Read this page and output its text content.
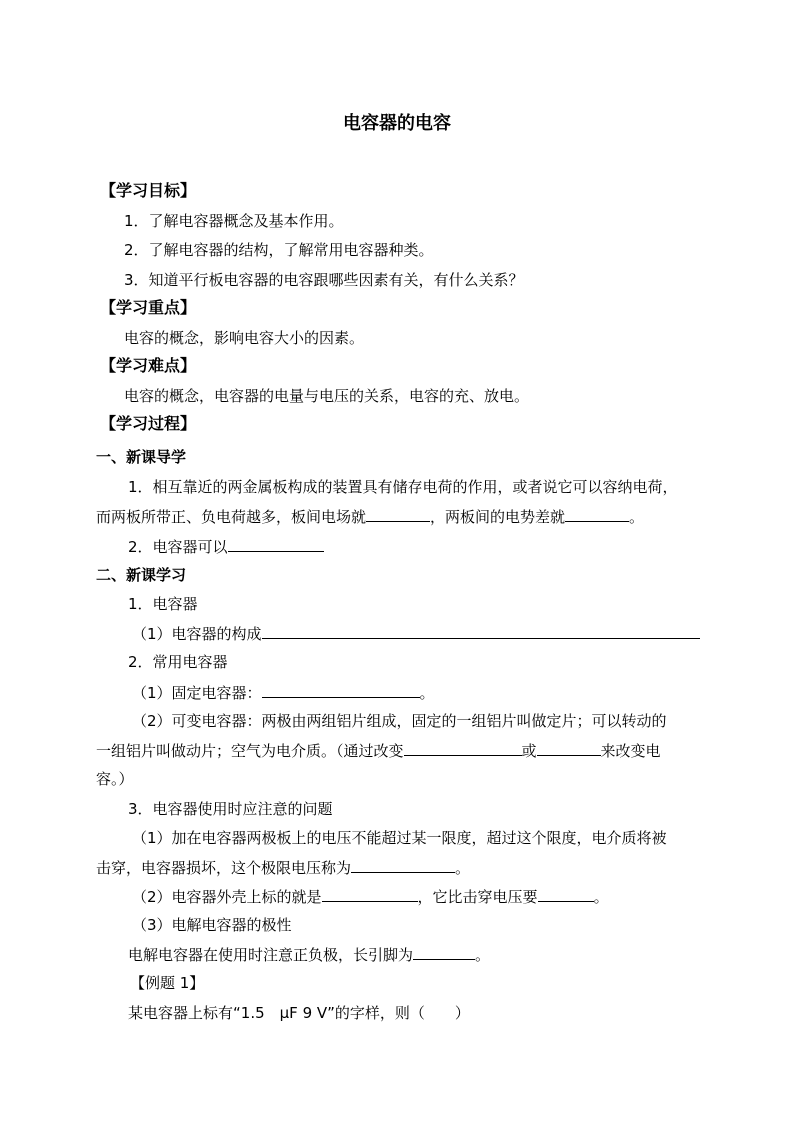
电容器的电容
【学习目标】
1．了解电容器概念及基本作用。
2．了解电容器的结构，了解常用电容器种类。
3．知道平行板电容器的电容跟哪些因素有关，有什么关系？
【学习重点】
电容的概念，影响电容大小的因素。
【学习难点】
电容的概念，电容器的电量与电压的关系，电容的充、放电。
【学习过程】
一、新课导学
1．相互靠近的两金属板构成的装置具有储存电荷的作用，或者说它可以容纳电荷，
而两板所带正、负电荷越多，板间电场就	，两板间的电势差就	。
2．电容器可以
二、新课学习
1．电容器
（1）电容器的构成
2．常用电容器
（1）固定电容器：	。
（2）可变电容器：两极由两组铝片组成，固定的一组铝片叫做定片；可以转动的
一组铝片叫做动片；空气为电介质。（通过改变	或	来改变电
容。）
3．电容器使用时应注意的问题
（1）加在电容器两极板上的电压不能超过某一限度，超过这个限度，电介质将被
击穿，电容器损坏，这个极限电压称为	。
（2）电容器外壳上标的就是	，它比击穿电压要	。
（3）电解电容器的极性
电解电容器在使用时注意正负极，长引脚为	。
【例题 1】
某电容器上标有“1.5　μF 9 V”的字样，则（　　）
